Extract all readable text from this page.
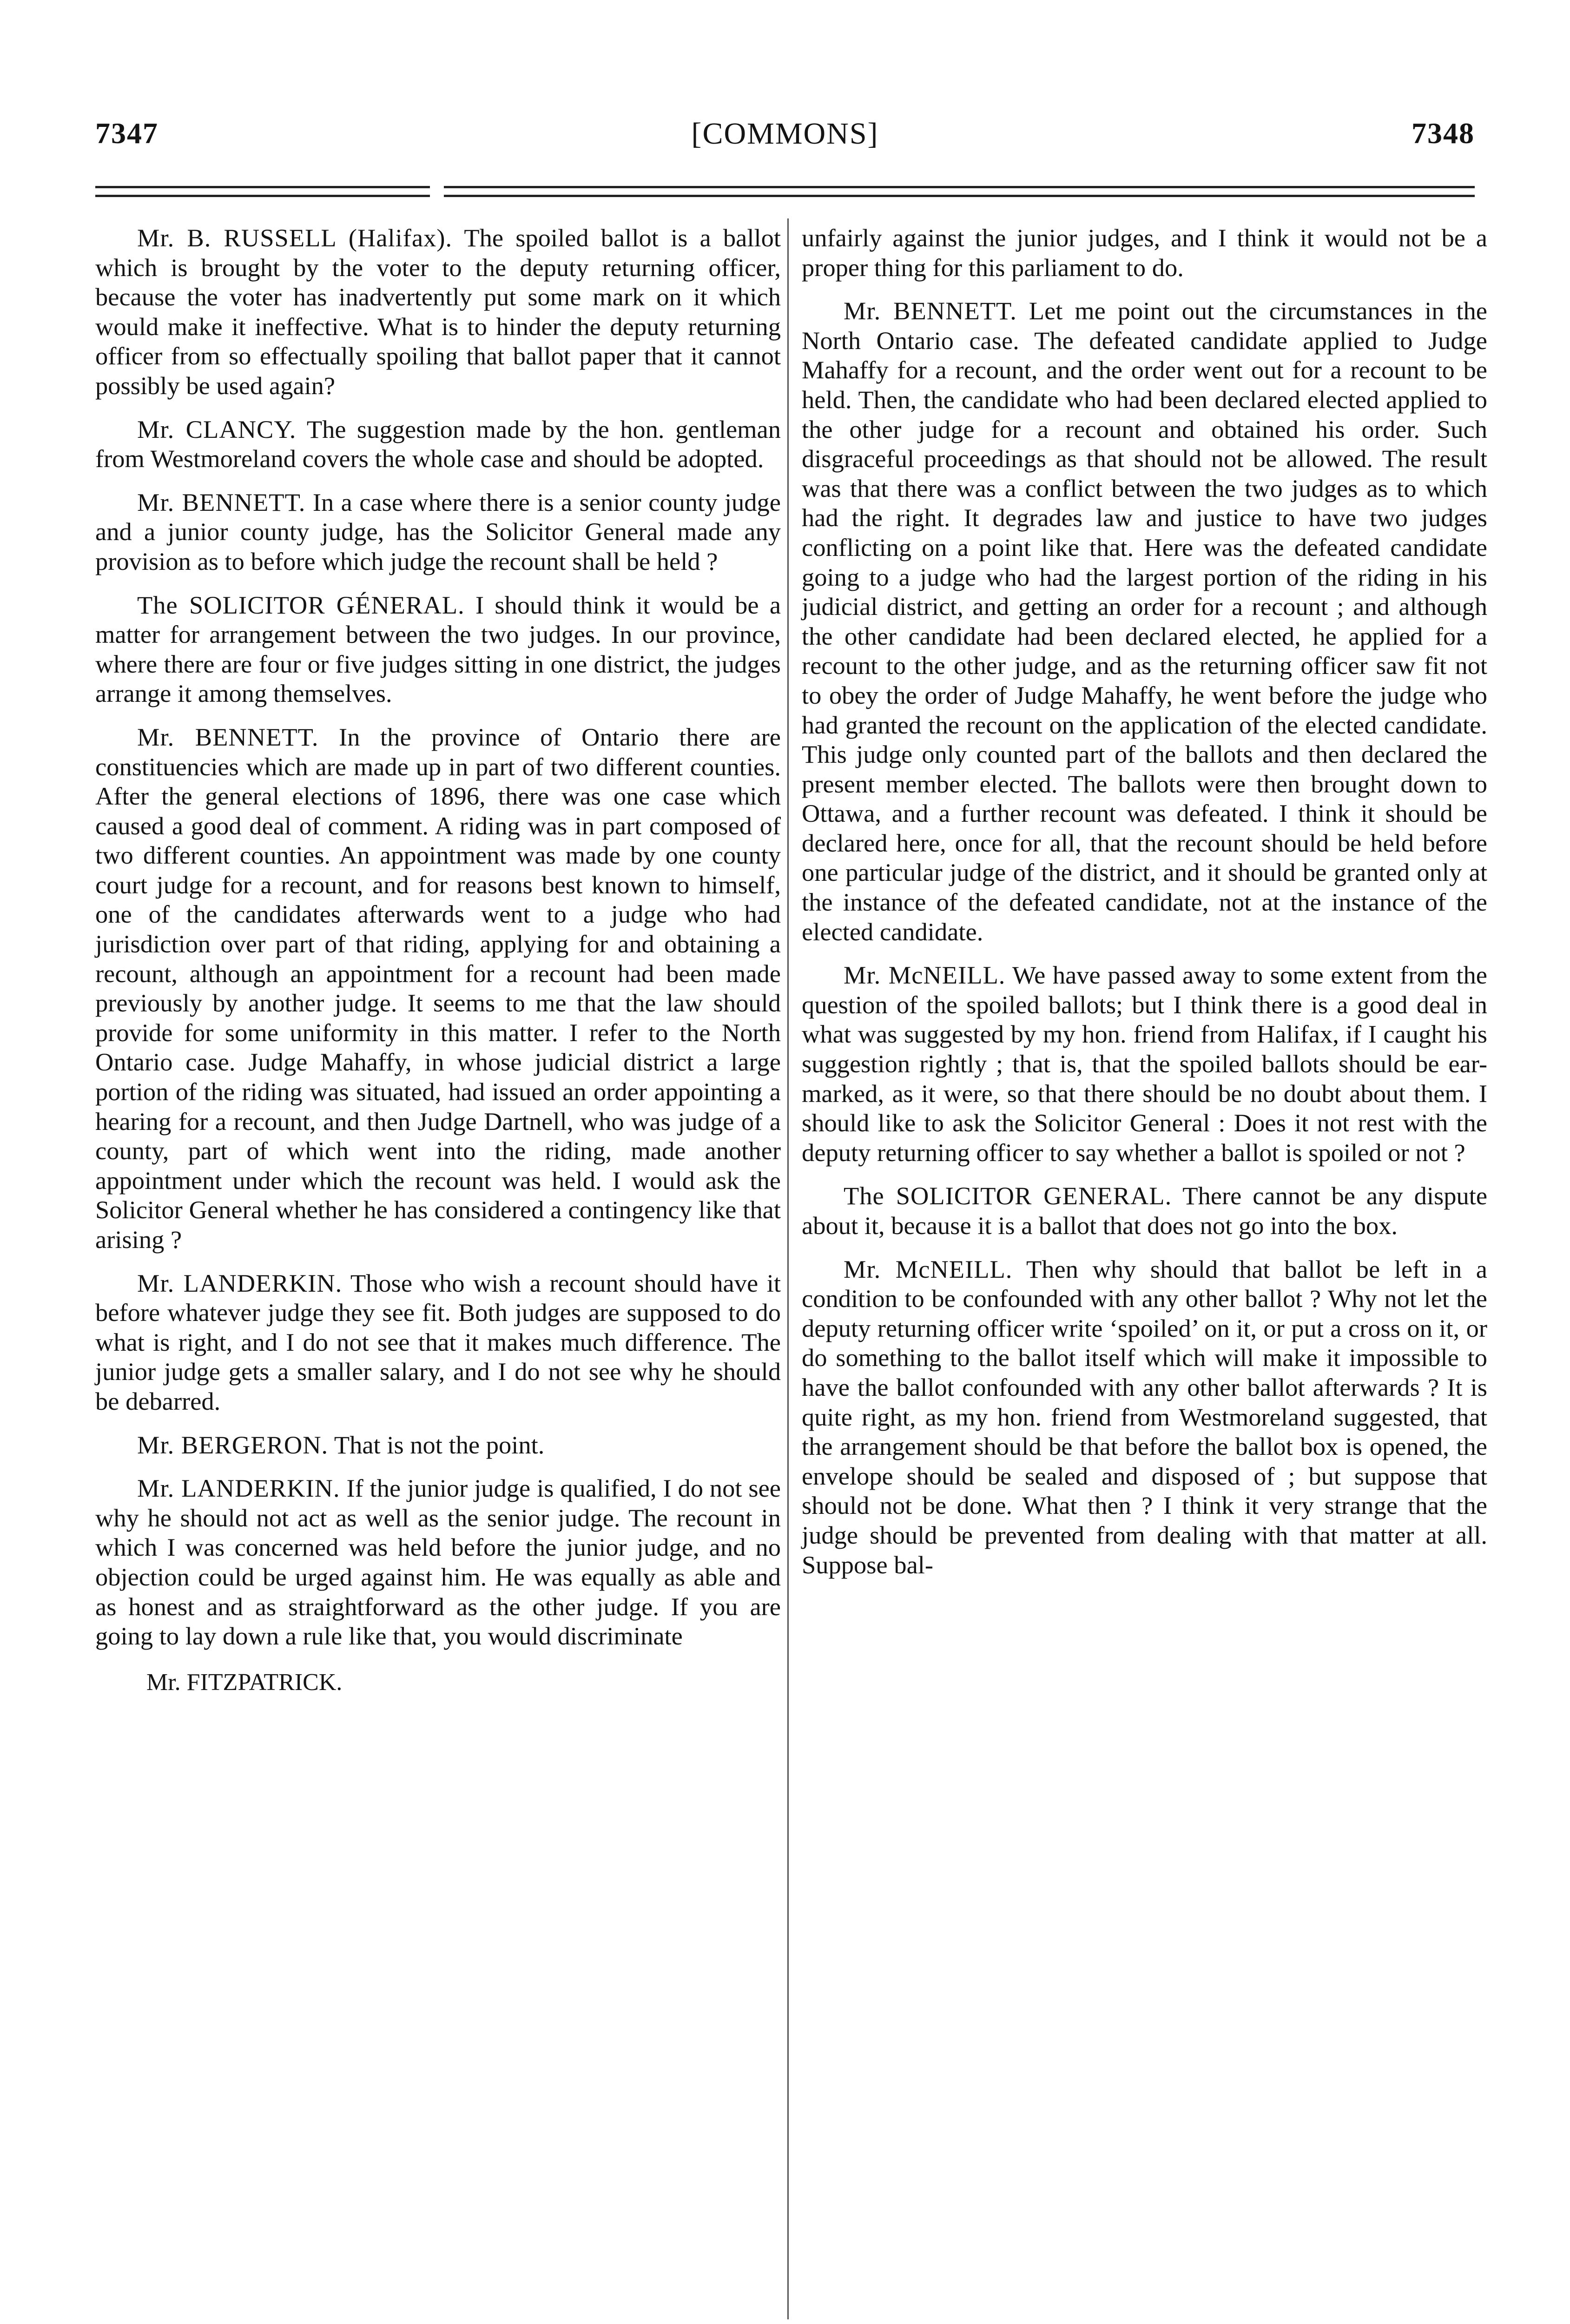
7347	[COMMONS]	7348

Mr. B. RUSSELL (Halifax). The spoiled ballot is a ballot which is brought by the voter to the deputy returning officer, because the voter has inadvertently put some mark on it which would make it ineffective. What is to hinder the deputy returning officer from so effectually spoiling that ballot paper that it cannot possibly be used again?

Mr. CLANCY. The suggestion made by the hon. gentleman from Westmoreland covers the whole case and should be adopted.

Mr. BENNETT. In a case where there is a senior county judge and a junior county judge, has the Solicitor General made any provision as to before which judge the recount shall be held ?

The SOLICITOR GÉNERAL. I should think it would be a matter for arrangement between the two judges. In our province, where there are four or five judges sitting in one district, the judges arrange it among themselves.

Mr. BENNETT. In the province of Ontario there are constituencies which are made up in part of two different counties. After the general elections of 1896, there was one case which caused a good deal of comment. A riding was in part composed of two different counties. An appointment was made by one county court judge for a recount, and for reasons best known to himself, one of the candidates afterwards went to a judge who had jurisdiction over part of that riding, applying for and obtaining a recount, although an appointment for a recount had been made previously by another judge. It seems to me that the law should provide for some uniformity in this matter. I refer to the North Ontario case. Judge Mahaffy, in whose judicial district a large portion of the riding was situated, had issued an order appointing a hearing for a recount, and then Judge Dartnell, who was judge of a county, part of which went into the riding, made another appointment under which the recount was held. I would ask the Solicitor General whether he has considered a contingency like that arising ?

Mr. LANDERKIN. Those who wish a recount should have it before whatever judge they see fit. Both judges are supposed to do what is right, and I do not see that it makes much difference. The junior judge gets a smaller salary, and I do not see why he should be debarred.

Mr. BERGERON. That is not the point.

Mr. LANDERKIN. If the junior judge is qualified, I do not see why he should not act as well as the senior judge. The recount in which I was concerned was held before the junior judge, and no objection could be urged against him. He was equally as able and as honest and as straightforward as the other judge. If you are going to lay down a rule like that, you would discriminate

Mr. FITZPATRICK.

unfairly against the junior judges, and I think it would not be a proper thing for this parliament to do.

Mr. BENNETT. Let me point out the circumstances in the North Ontario case. The defeated candidate applied to Judge Mahaffy for a recount, and the order went out for a recount to be held. Then, the candidate who had been declared elected applied to the other judge for a recount and obtained his order. Such disgraceful proceedings as that should not be allowed. The result was that there was a conflict between the two judges as to which had the right. It degrades law and justice to have two judges conflicting on a point like that. Here was the defeated candidate going to a judge who had the largest portion of the riding in his judicial district, and getting an order for a recount ; and although the other candidate had been declared elected, he applied for a recount to the other judge, and as the returning officer saw fit not to obey the order of Judge Mahaffy, he went before the judge who had granted the recount on the application of the elected candidate. This judge only counted part of the ballots and then declared the present member elected. The ballots were then brought down to Ottawa, and a further recount was defeated. I think it should be declared here, once for all, that the recount should be held before one particular judge of the district, and it should be granted only at the instance of the defeated candidate, not at the instance of the elected candidate.

Mr. McNEILL. We have passed away to some extent from the question of the spoiled ballots; but I think there is a good deal in what was suggested by my hon. friend from Halifax, if I caught his suggestion rightly ; that is, that the spoiled ballots should be ear-marked, as it were, so that there should be no doubt about them. I should like to ask the Solicitor General : Does it not rest with the deputy returning officer to say whether a ballot is spoiled or not ?

The SOLICITOR GENERAL. There cannot be any dispute about it, because it is a ballot that does not go into the box.

Mr. McNEILL. Then why should that ballot be left in a condition to be confounded with any other ballot ? Why not let the deputy returning officer write ‘spoiled’ on it, or put a cross on it, or do something to the ballot itself which will make it impossible to have the ballot confounded with any other ballot afterwards ? It is quite right, as my hon. friend from Westmoreland suggested, that the arrangement should be that before the ballot box is opened, the envelope should be sealed and disposed of ; but suppose that should not be done. What then ? I think it very strange that the judge should be prevented from dealing with that matter at all. Suppose bal-
